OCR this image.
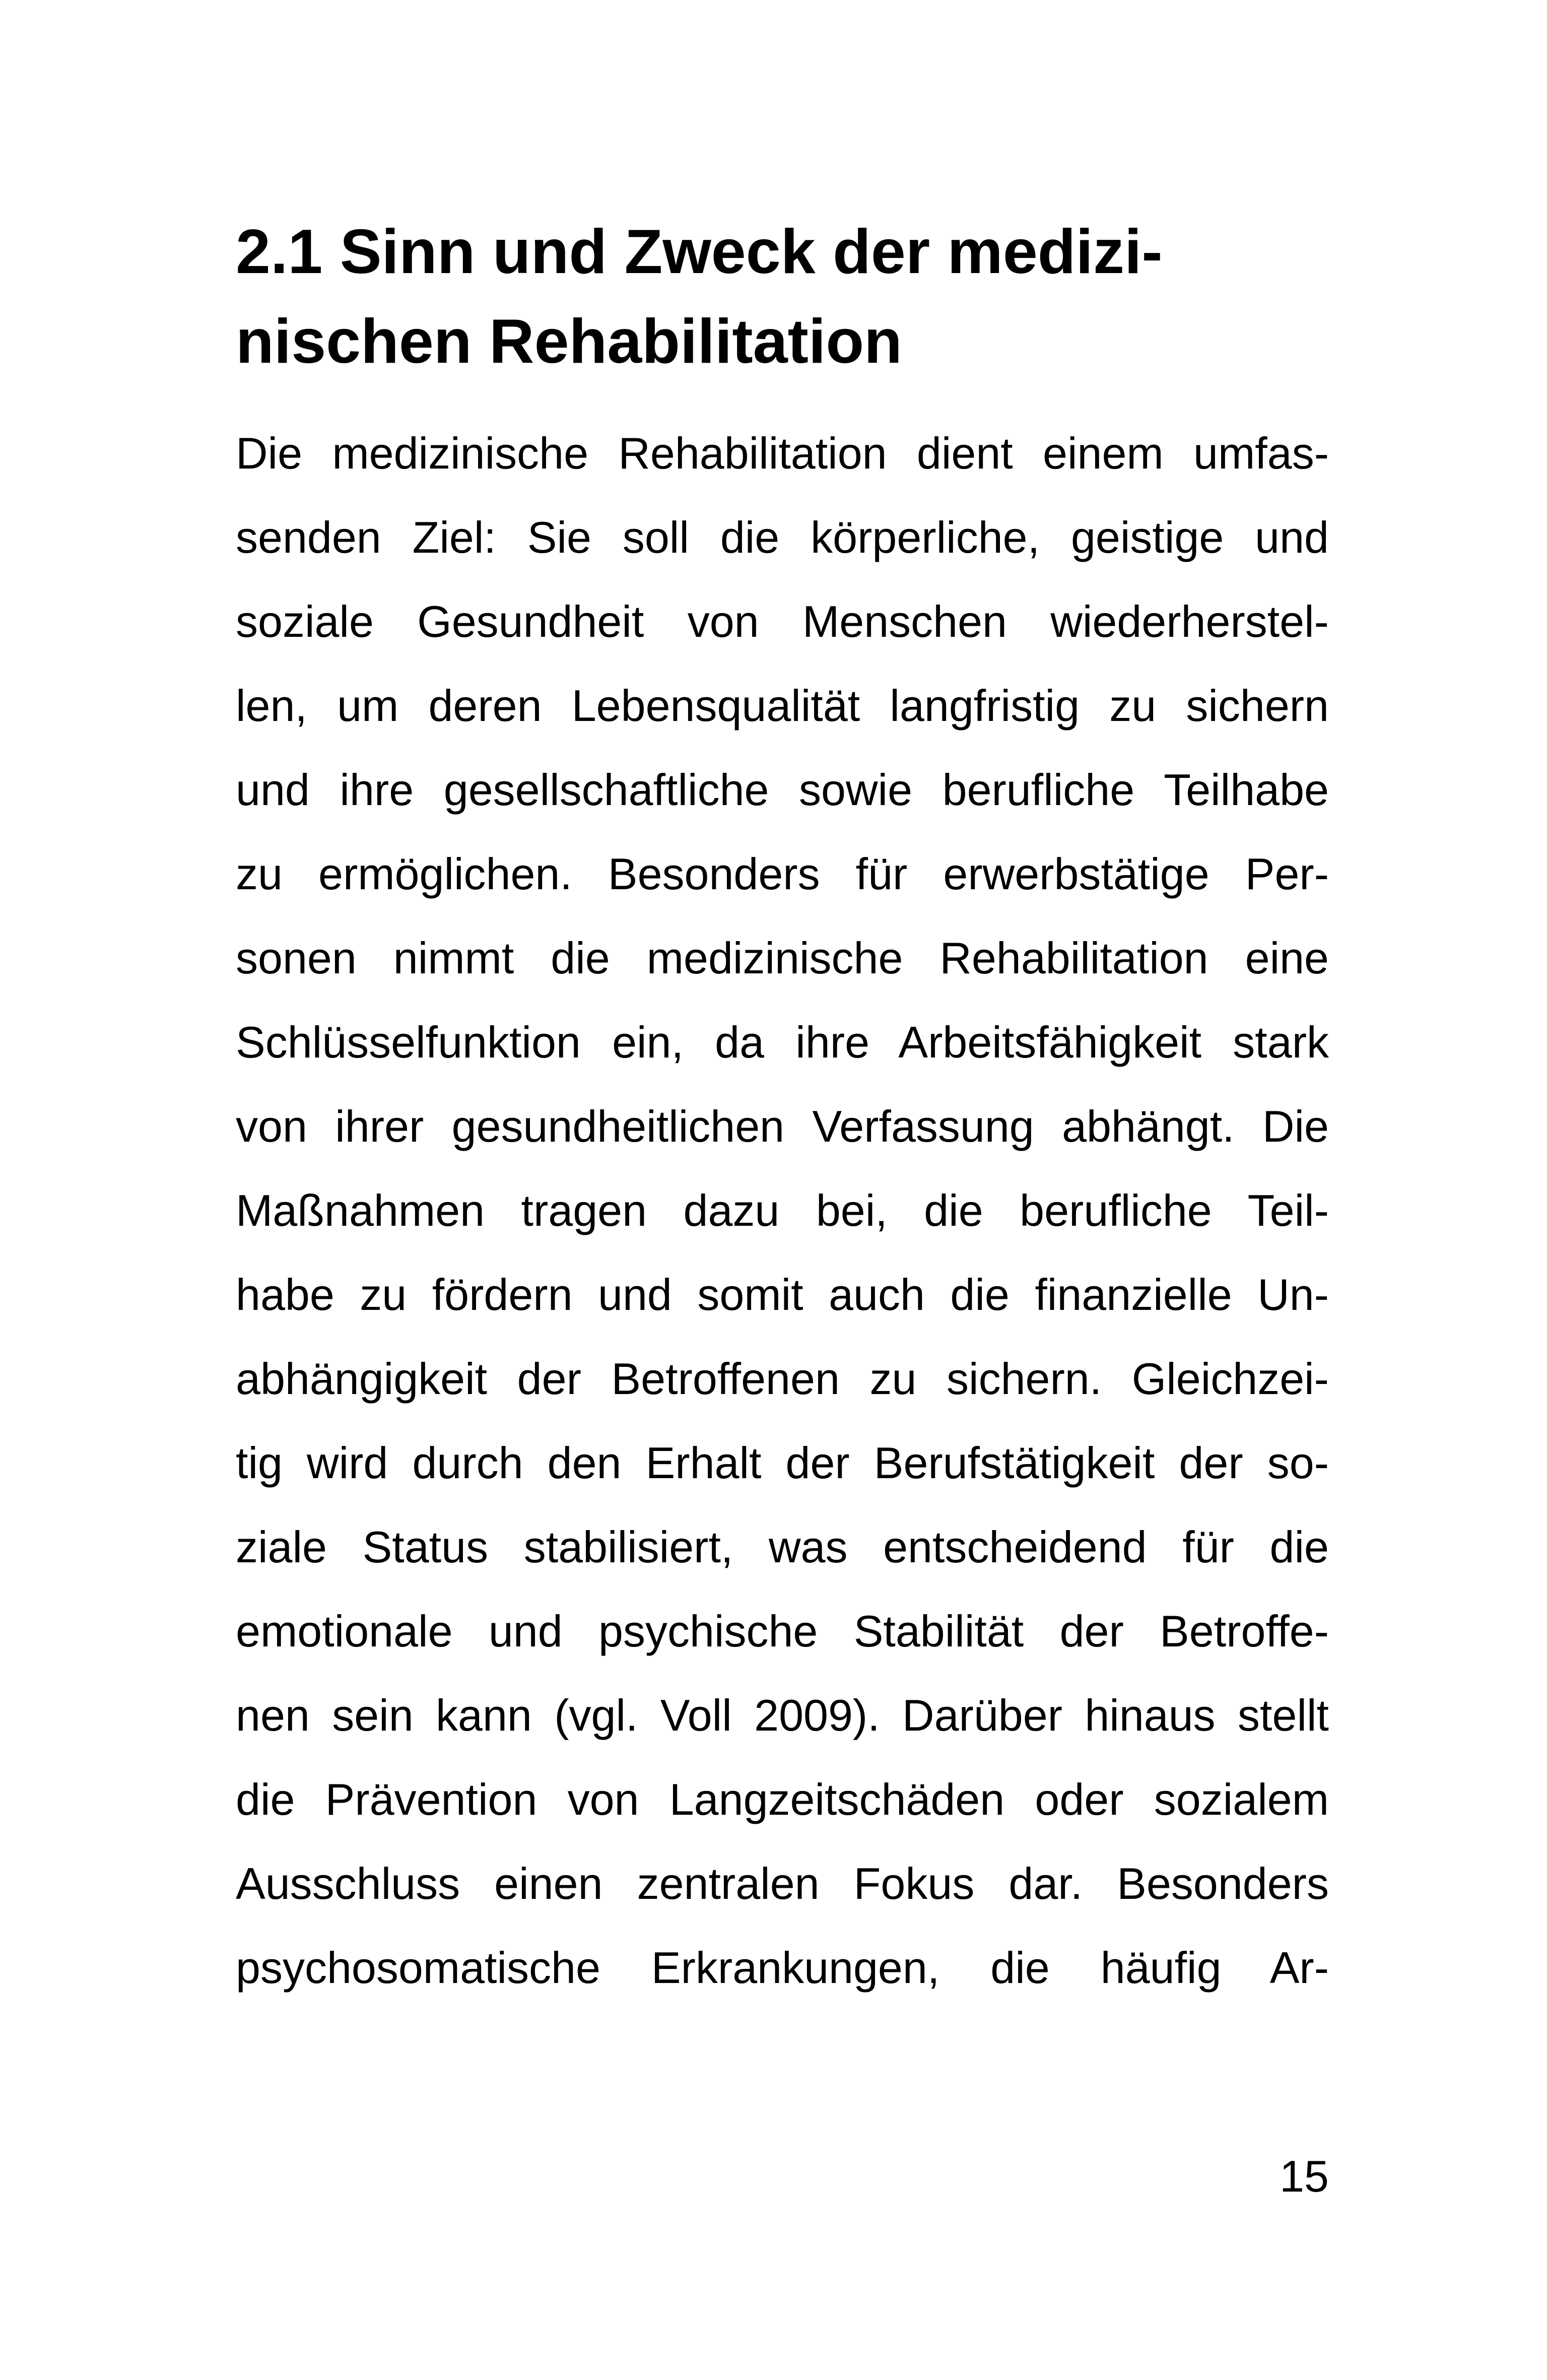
2.1 Sinn und Zweck der medizi-
nischen Rehabilitation

Die medizinische Rehabilitation dient einem umfas-

senden Ziel: Sie soll die körperliche, geistige und

soziale Gesundheit von Menschen wiederherstel-

len, um deren Lebensqualität langfristig zu sichern

und ihre gesellschaftliche sowie berufliche Teilhabe

zu ermöglichen. Besonders für erwerbstätige Per-

sonen nimmt die medizinische Rehabilitation eine

Schlüsselfunktion ein, da ihre Arbeitsfähigkeit stark

von ihrer gesundheitlichen Verfassung abhängt. Die

Maßnahmen tragen dazu bei, die berufliche Teil-

habe zu fördern und somit auch die finanzielle Un-

abhängigkeit der Betroffenen zu sichern. Gleichzei-

tig wird durch den Erhalt der Berufstätigkeit der so-

ziale Status stabilisiert, was entscheidend für die

emotionale und psychische Stabilität der Betroffe-

nen sein kann (vgl. Voll 2009). Darüber hinaus stellt

die Prävention von Langzeitschäden oder sozialem

Ausschluss einen zentralen Fokus dar. Besonders

psychosomatische Erkrankungen, die häufig Ar-

15
